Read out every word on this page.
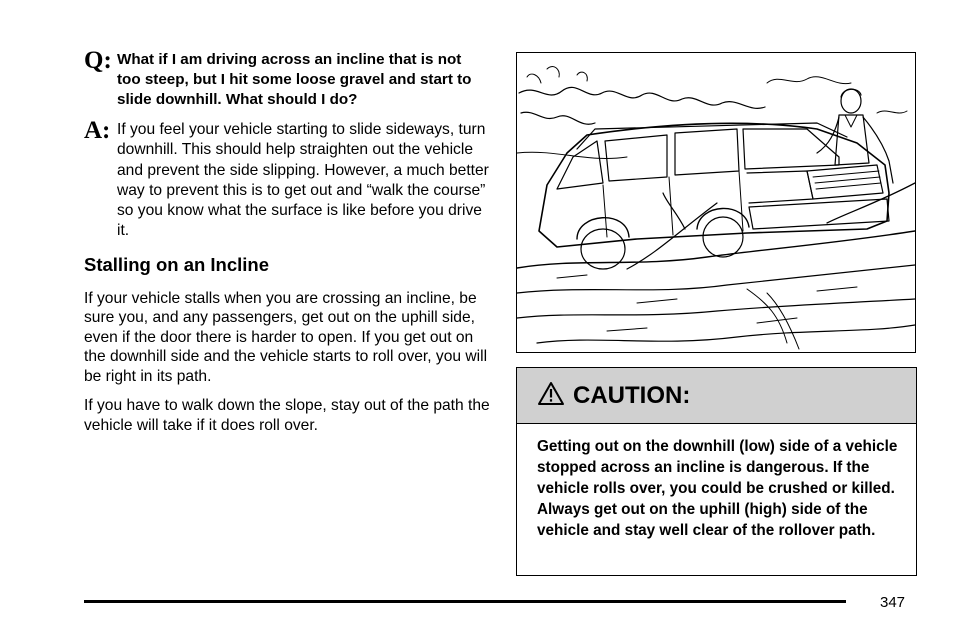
Q: What if I am driving across an incline that is not too steep, but I hit some loose gravel and start to slide downhill. What should I do?
A: If you feel your vehicle starting to slide sideways, turn downhill. This should help straighten out the vehicle and prevent the side slipping. However, a much better way to prevent this is to get out and “walk the course” so you know what the surface is like before you drive it.
Stalling on an Incline
If your vehicle stalls when you are crossing an incline, be sure you, and any passengers, get out on the uphill side, even if the door there is harder to open. If you get out on the downhill side and the vehicle starts to roll over, you will be right in its path.
If you have to walk down the slope, stay out of the path the vehicle will take if it does roll over.
CAUTION:
Getting out on the downhill (low) side of a vehicle stopped across an incline is dangerous. If the vehicle rolls over, you could be crushed or killed. Always get out on the uphill (high) side of the vehicle and stay well clear of the rollover path.
347
